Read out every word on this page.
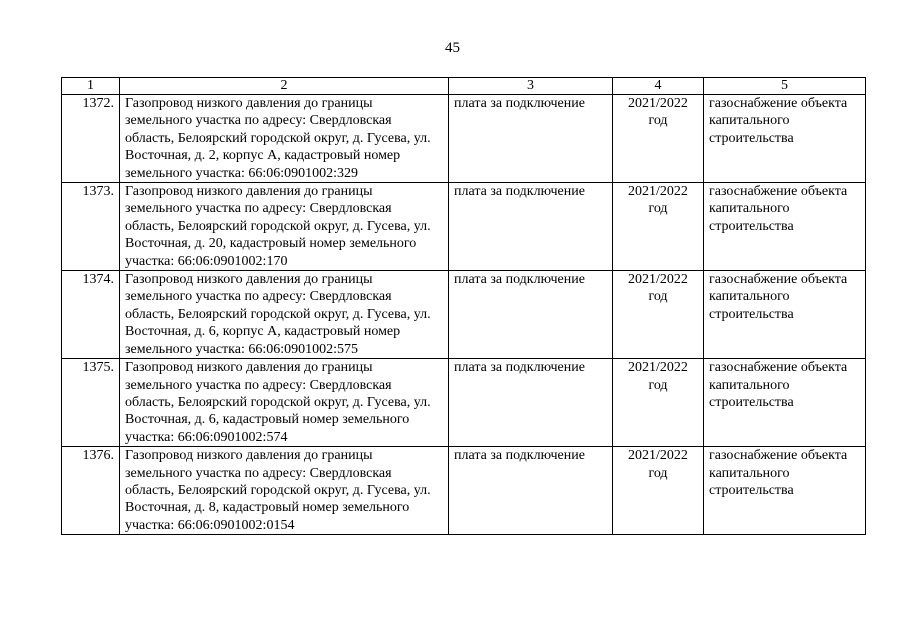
45
1	2	3	4	5
1372.	Газопровод низкого давления до границы земельного участка по адресу: Свердловская область, Белоярский городской округ, д. Гусева, ул. Восточная, д. 2, корпус А, кадастровый номер земельного участка: 66:06:0901002:329	плата за подключение	2021/2022 год	газоснабжение объекта капитального строительства
1373.	Газопровод низкого давления до границы земельного участка по адресу: Свердловская область, Белоярский городской округ, д. Гусева, ул. Восточная, д. 20, кадастровый номер земельного участка: 66:06:0901002:170	плата за подключение	2021/2022 год	газоснабжение объекта капитального строительства
1374.	Газопровод низкого давления до границы земельного участка по адресу: Свердловская область, Белоярский городской округ, д. Гусева, ул. Восточная, д. 6, корпус А, кадастровый номер земельного участка: 66:06:0901002:575	плата за подключение	2021/2022 год	газоснабжение объекта капитального строительства
1375.	Газопровод низкого давления до границы земельного участка по адресу: Свердловская область, Белоярский городской округ, д. Гусева, ул. Восточная, д. 6, кадастровый номер земельного участка: 66:06:0901002:574	плата за подключение	2021/2022 год	газоснабжение объекта капитального строительства
1376.	Газопровод низкого давления до границы земельного участка по адресу: Свердловская область, Белоярский городской округ, д. Гусева, ул. Восточная, д. 8, кадастровый номер земельного участка: 66:06:0901002:0154	плата за подключение	2021/2022 год	газоснабжение объекта капитального строительства
